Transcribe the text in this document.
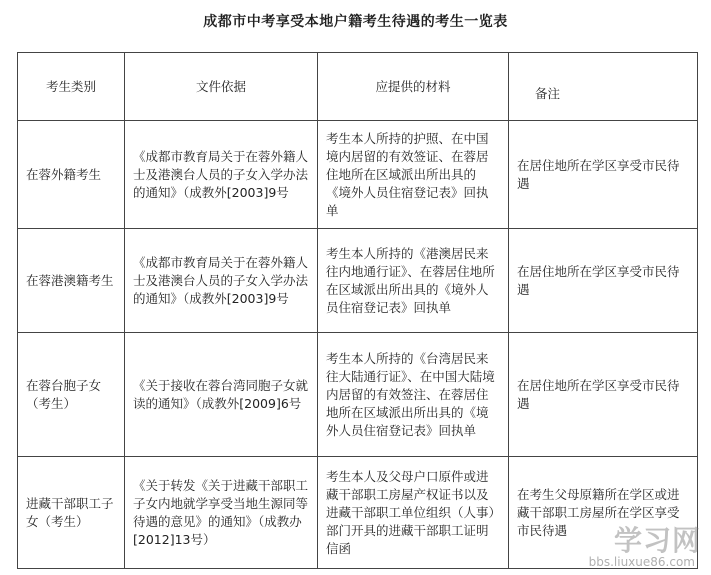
成都市中考享受本地户籍考生待遇的考生一览表
考生类别	文件依据	应提供的材料	备注
在蓉外籍考生	《成都市教育局关于在蓉外籍人士及港澳台人员的子女入学办法的通知》（成教外[2003]9号	考生本人所持的护照、在中国境内居留的有效签证、在蓉居住地所在区域派出所出具的《境外人员住宿登记表》回执单	在居住地所在学区享受市民待遇
在蓉港澳籍考生	《成都市教育局关于在蓉外籍人士及港澳台人员的子女入学办法的通知》（成教外[2003]9号	考生本人所持的《港澳居民来往内地通行证》、在蓉居住地所在区域派出所出具的《境外人员住宿登记表》回执单	在居住地所在学区享受市民待遇
在蓉台胞子女（考生）	《关于接收在蓉台湾同胞子女就读的通知》（成教外[2009]6号	考生本人所持的《台湾居民来往大陆通行证》、在中国大陆境内居留的有效签注、在蓉居住地所在区域派出所出具的《境外人员住宿登记表》回执单	在居住地所在学区享受市民待遇
进藏干部职工子女（考生）	《关于转发《关于进藏干部职工子女内地就学享受当地生源同等待遇的意见》的通知》（成教办[2012]13号）	考生本人及父母户口原件或进藏干部职工房屋产权证书以及进藏干部职工单位组织（人事）部门开具的进藏干部职工证明信函	在考生父母原籍所在学区或进藏干部职工房屋所在学区享受市民待遇 学习网
bbs.liuxue86.com
